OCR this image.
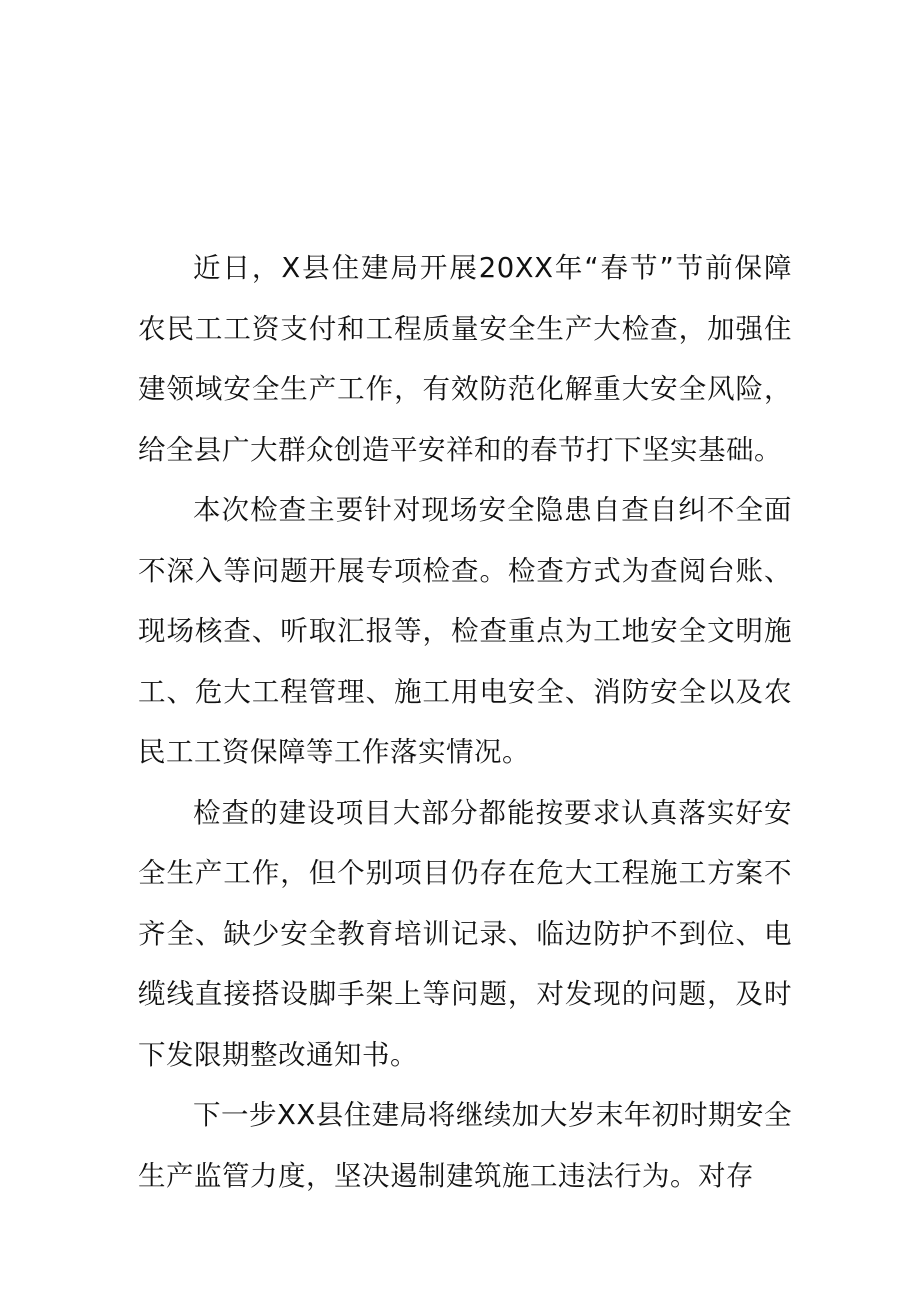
近日，X县住建局开展20XX年“春节”节前保障农民工工资支付和工程质量安全生产大检查，加强住建领域安全生产工作，有效防范化解重大安全风险，给全县广大群众创造平安祥和的春节打下坚实基础。

本次检查主要针对现场安全隐患自查自纠不全面不深入等问题开展专项检查。检查方式为查阅台账、现场核查、听取汇报等，检查重点为工地安全文明施工、危大工程管理、施工用电安全、消防安全以及农民工工资保障等工作落实情况。

检查的建设项目大部分都能按要求认真落实好安全生产工作，但个别项目仍存在危大工程施工方案不齐全、缺少安全教育培训记录、临边防护不到位、电缆线直接搭设脚手架上等问题，对发现的问题，及时下发限期整改通知书。

下一步XX县住建局将继续加大岁末年初时期安全生产监管力度，坚决遏制建筑施工违法行为。对存
